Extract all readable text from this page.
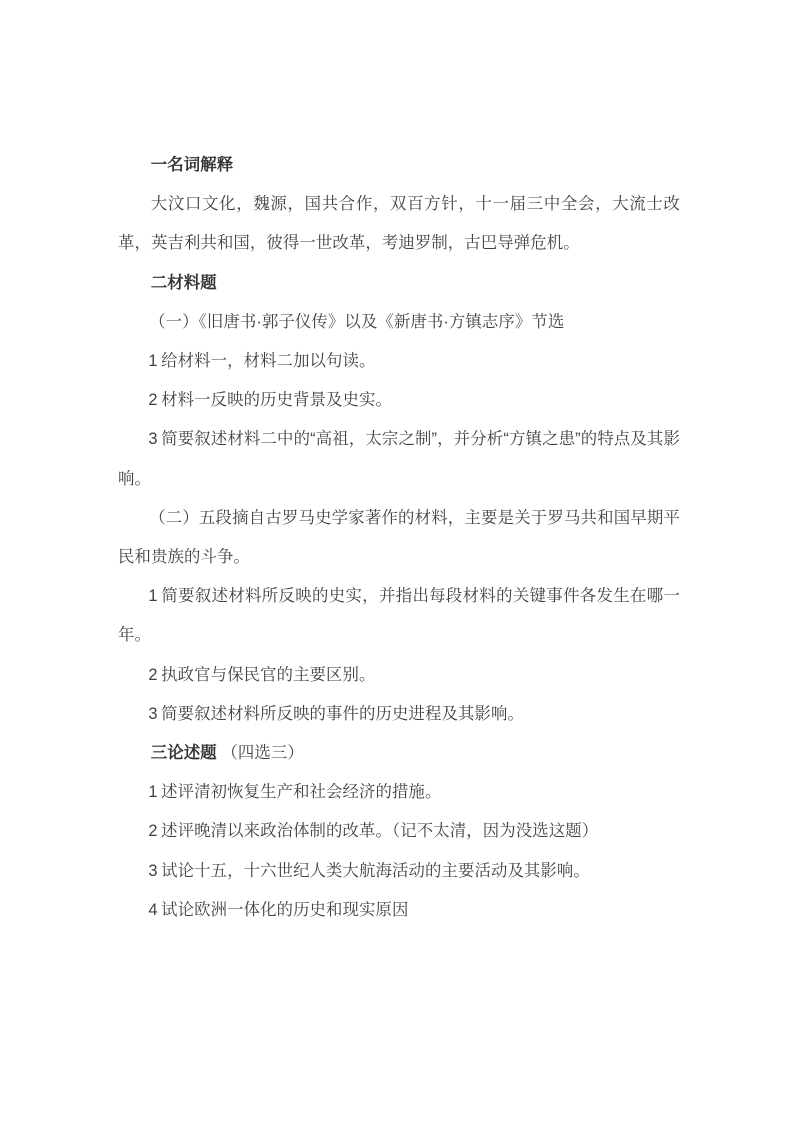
一名词解释
大汶口文化，魏源，国共合作，双百方针，十一届三中全会，大流士改革，英吉利共和国，彼得一世改革，考迪罗制，古巴导弹危机。
二材料题
（一）《旧唐书·郭子仪传》以及《新唐书·方镇志序》节选
1 给材料一，材料二加以句读。
2 材料一反映的历史背景及史实。
3 简要叙述材料二中的“高祖，太宗之制”，并分析“方镇之患”的特点及其影响。
（二）五段摘自古罗马史学家著作的材料，主要是关于罗马共和国早期平民和贵族的斗争。
1 简要叙述材料所反映的史实，并指出每段材料的关键事件各发生在哪一年。
2 执政官与保民官的主要区别。
3 简要叙述材料所反映的事件的历史进程及其影响。
三论述题 （四选三）
1 述评清初恢复生产和社会经济的措施。
2 述评晚清以来政治体制的改革。（记不太清，因为没选这题）
3 试论十五，十六世纪人类大航海活动的主要活动及其影响。
4 试论欧洲一体化的历史和现实原因
